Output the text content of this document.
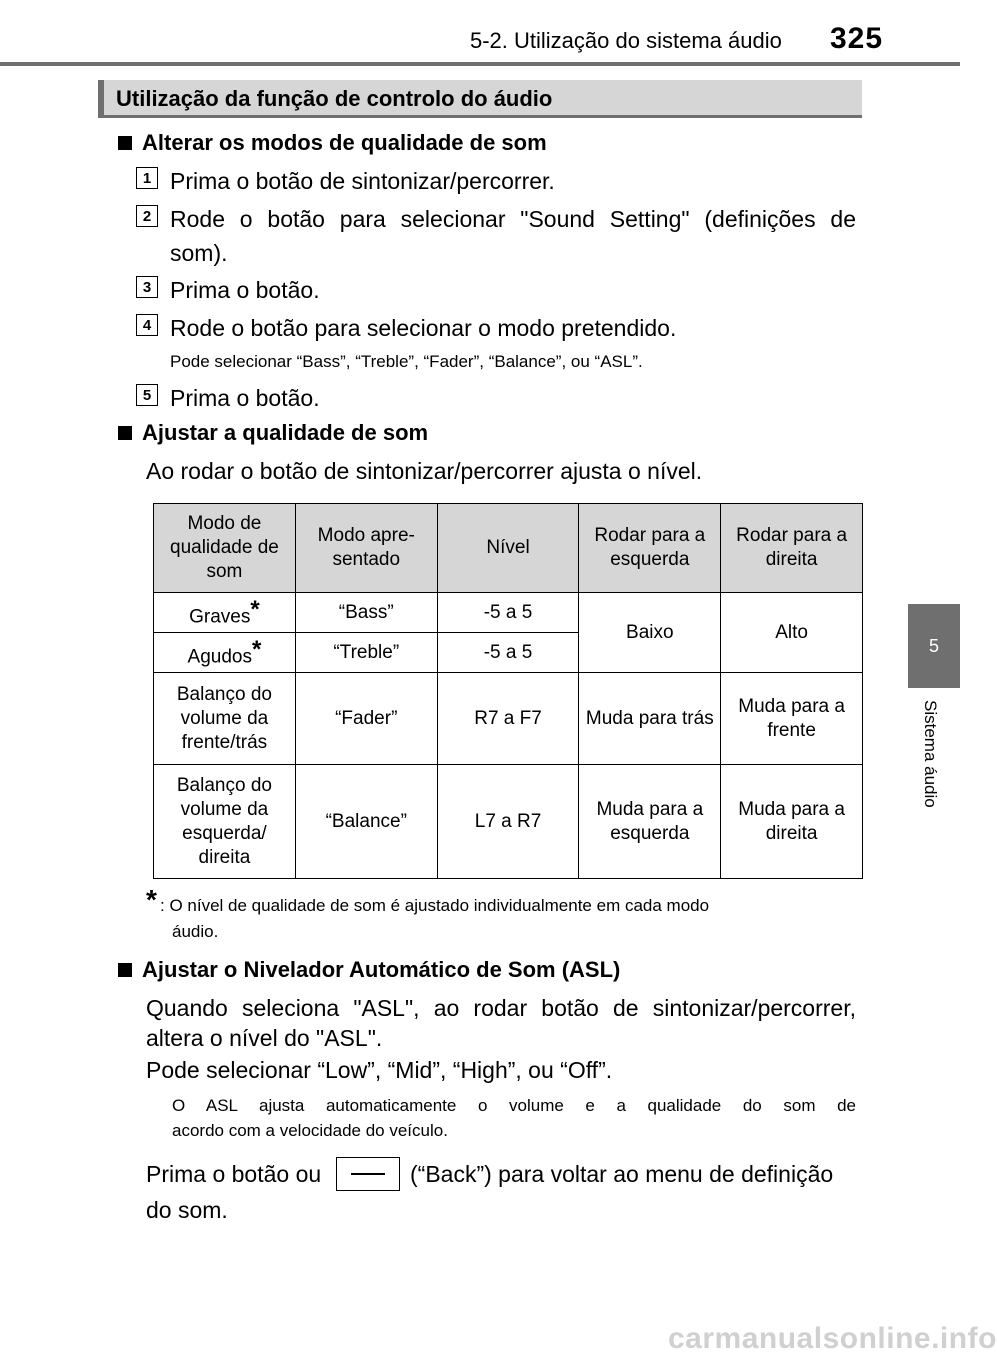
5-2. Utilização do sistema áudio 325
5
Sistema áudio
Utilização da função de controlo do áudio
Alterar os modos de qualidade de som
1 Prima o botão de sintonizar/percorrer.
2 Rode o botão para selecionar "Sound Setting" (definições de
som).
3 Prima o botão.
4 Rode o botão para selecionar o modo pretendido.
Pode selecionar “Bass”, “Treble”, “Fader”, “Balance”, ou “ASL”.
5 Prima o botão.
Ajustar a qualidade de som
Ao rodar o botão de sintonizar/percorrer ajusta o nível.
Modo de qualidade de som	Modo apre- sentado	Nível	Rodar para a esquerda	Rodar para a direita
Graves*	“Bass”	-5 a 5	Baixo	Alto
Agudos*	“Treble”	-5 a 5		
Balanço do volume da frente/trás	“Fader”	R7 a F7	Muda para trás	Muda para a frente
Balanço do volume da esquerda/ direita	“Balance”	L7 a R7	Muda para a esquerda	Muda para a direita
* : O nível de qualidade de som é ajustado individualmente em cada modo
áudio.
Ajustar o Nivelador Automático de Som (ASL)
Quando seleciona "ASL", ao rodar botão de sintonizar/percorrer,
altera o nível do "ASL".
Pode selecionar “Low”, “Mid”, “High”, ou “Off”.
O ASL ajusta automaticamente o volume e a qualidade do som de
acordo com a velocidade do veículo.
Prima o botão ou	(“Back”) para voltar ao menu de definição
do som.
carmanualsonline.info
